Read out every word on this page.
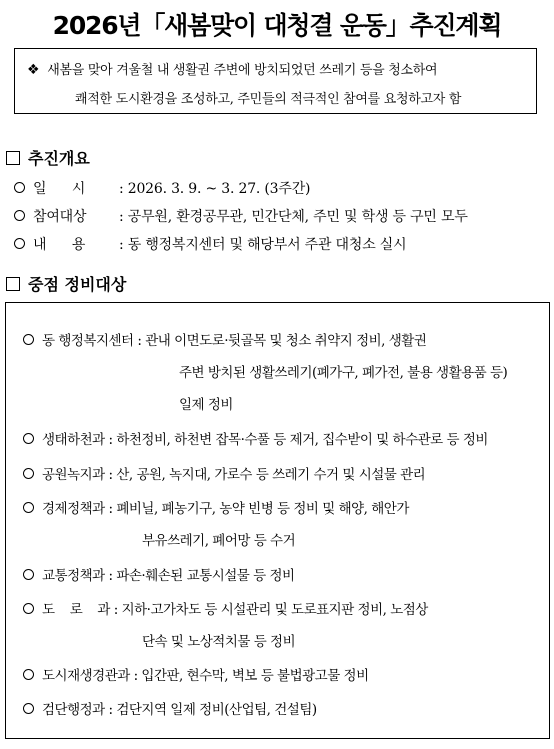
2026년「새봄맞이 대청결 운동」추진계획
❖ 새봄을 맞아 겨울철 내 생활권 주변에 방치되었던 쓰레기 등을 청소하여
쾌적한 도시환경을 조성하고, 주민들의 적극적인 참여를 요청하고자 함
추진개요
일      시 : 2026. 3. 9. ~ 3. 27. (3주간)
참여대상 : 공무원, 환경공무관, 민간단체, 주민 및 학생 등 구민 모두
내      용 : 동 행정복지센터 및 해당부서 주관 대청소 실시
중점 정비대상
동 행정복지센터 : 관내 이면도로·뒷골목 및 청소 취약지 정비, 생활권
주변 방치된 생활쓰레기(폐가구, 폐가전, 불용 생활용품 등)
일제 정비
생태하천과 : 하천정비, 하천변 잡목·수풀 등 제거, 집수받이 및 하수관로 등 정비
공원녹지과 : 산, 공원, 녹지대, 가로수 등 쓰레기 수거 및 시설물 관리
경제정책과 : 폐비닐, 폐농기구, 농약 빈병 등 정비 및 해양, 해안가
부유쓰레기, 폐어망 등 수거
교통정책과 : 파손·훼손된 교통시설물 등 정비
도    로    과 : 지하·고가차도 등 시설관리 및 도로표지판 정비, 노점상
단속 및 노상적치물 등 정비
도시재생경관과 : 입간판, 현수막, 벽보 등 불법광고물 정비
검단행정과 : 검단지역 일제 정비(산업팀, 건설팀)
